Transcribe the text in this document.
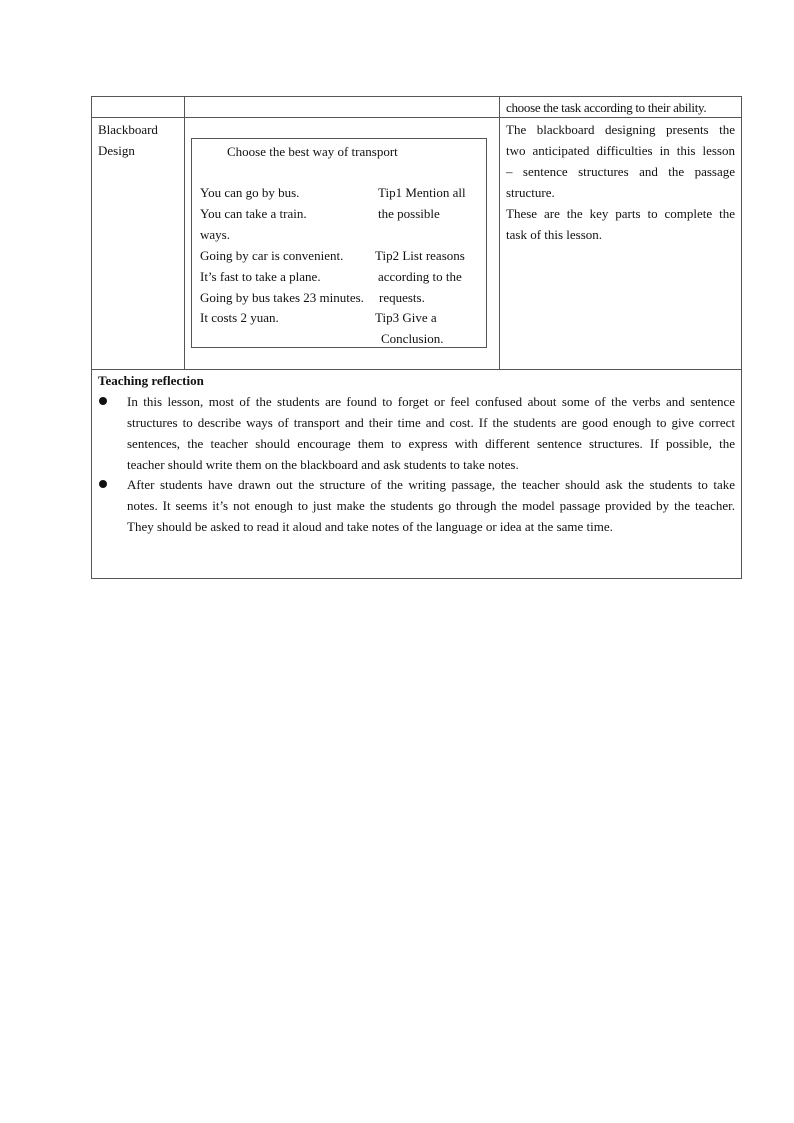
choose the task according to their ability.
Blackboard
Design	Choose the best way of transport
You can go by bus.
You can take a train.
ways.
Going by car is convenient.
It’s fast to take a plane.
Going by bus takes 23 minutes.
It costs 2 yuan.
Tip1 Mention all
the possible
Tip2 List reasons
according to the
requests.
Tip3 Give a
Conclusion.
The blackboard designing presents the
two anticipated difficulties in this lesson
– sentence structures and the passage
structure.
These are the key parts to complete the
task of this lesson.
Teaching reflection
In this lesson, most of the students are found to forget or feel confused about some of the verbs and sentence
structures to describe ways of transport and their time and cost. If the students are good enough to give correct
sentences, the teacher should encourage them to express with different sentence structures. If possible, the
teacher should write them on the blackboard and ask students to take notes.
After students have drawn out the structure of the writing passage, the teacher should ask the students to take
notes. It seems it’s not enough to just make the students go through the model passage provided by the teacher.
They should be asked to read it aloud and take notes of the language or idea at the same time.
